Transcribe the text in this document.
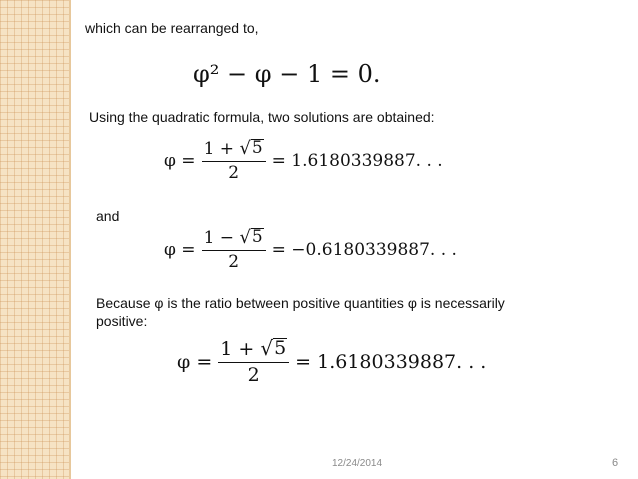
which can be rearranged to,
φ² − φ − 1 = 0.
Using the quadratic formula, two solutions are obtained:
$\varphi = \frac{1 + √ 5}{2} = 1.6180339887$. . .
and
$\varphi = \frac{1 - √ 5}{2} = -0.6180339887$. . .
Because φ is the ratio between positive quantities φ is necessarily
positive:
$\varphi = \frac{1 + √ 5}{2} = 1.6180339887$. . .
12/24/2014	6
